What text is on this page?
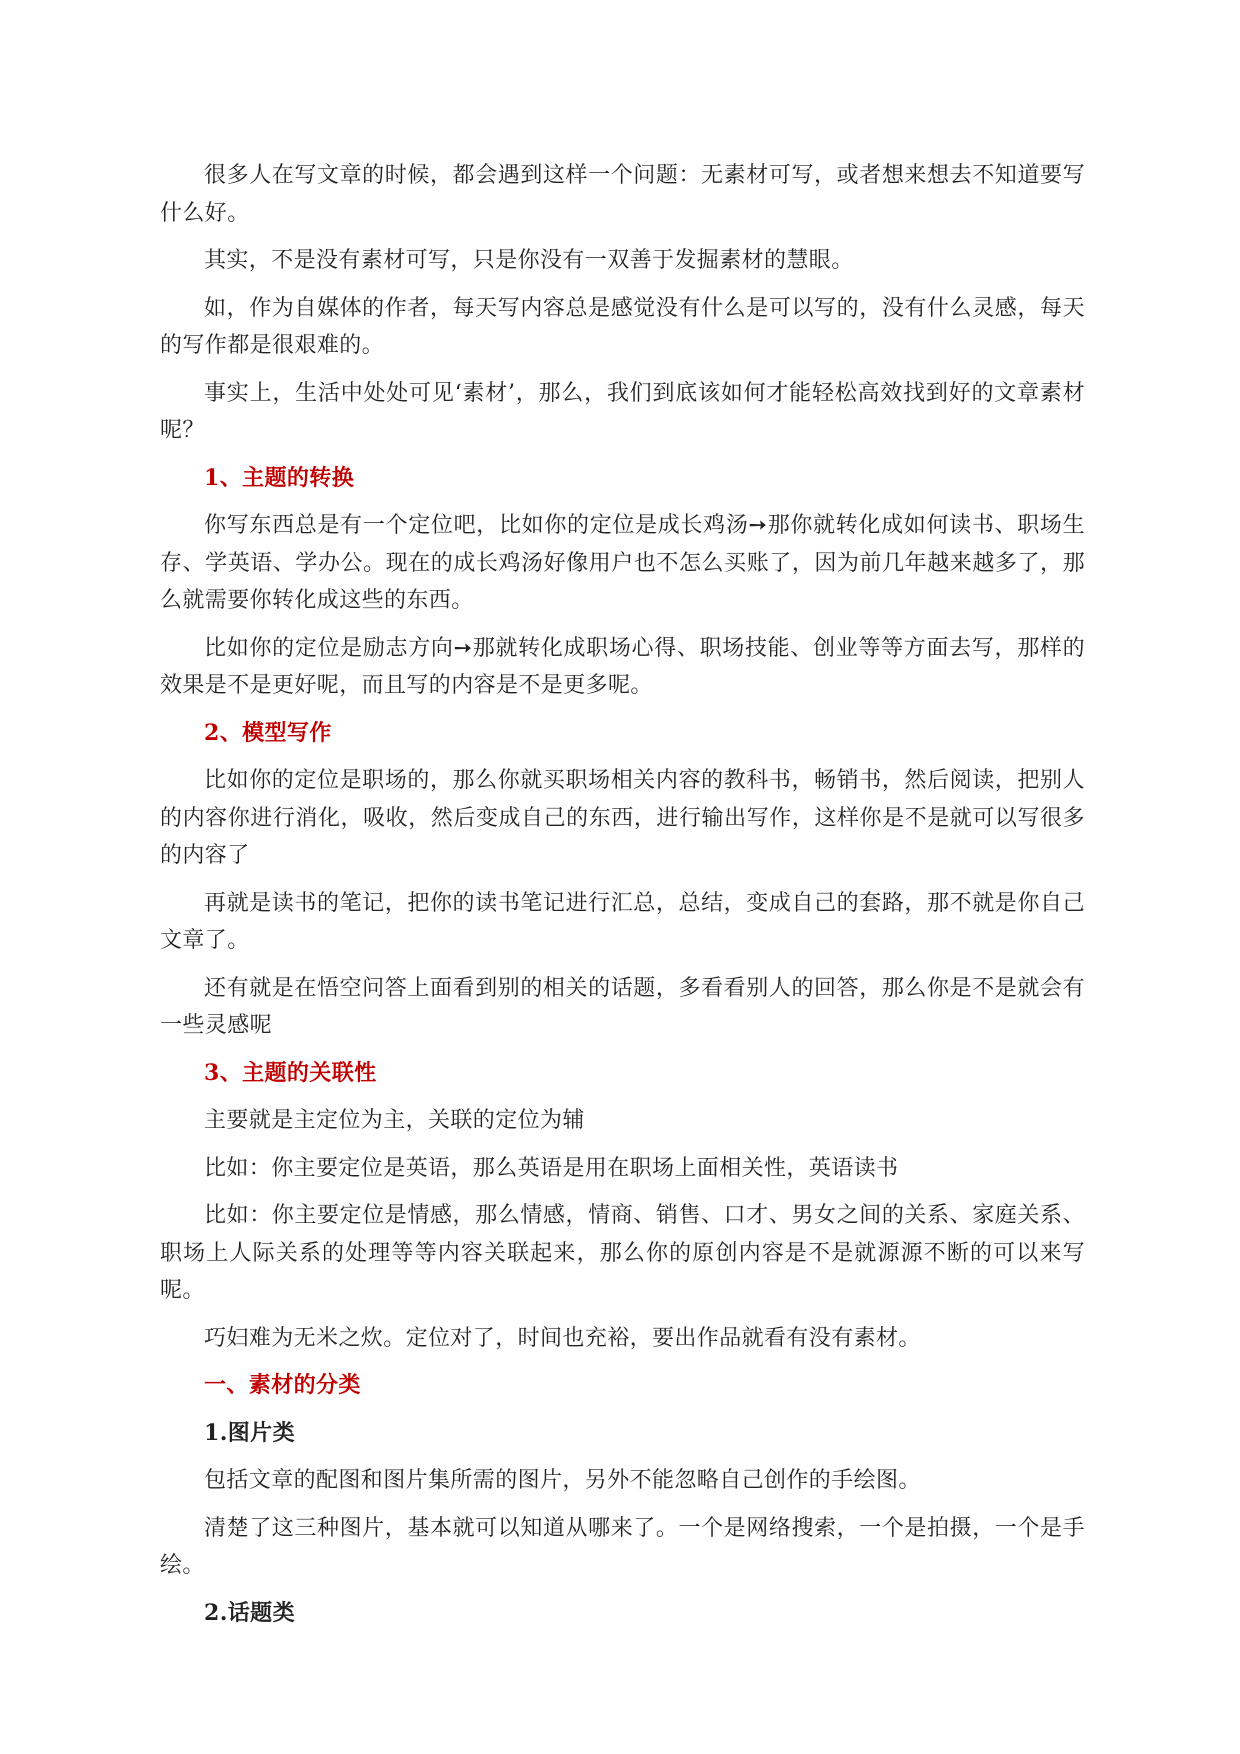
很多人在写文章的时候，都会遇到这样一个问题：无素材可写，或者想来想去不知道要写什么好。

其实，不是没有素材可写，只是你没有一双善于发掘素材的慧眼。

如，作为自媒体的作者，每天写内容总是感觉没有什么是可以写的，没有什么灵感，每天的写作都是很艰难的。

事实上，生活中处处可见‘素材’，那么，我们到底该如何才能轻松高效找到好的文章素材呢？

1、主题的转换

你写东西总是有一个定位吧，比如你的定位是成长鸡汤➙那你就转化成如何读书、职场生存、学英语、学办公。现在的成长鸡汤好像用户也不怎么买账了，因为前几年越来越多了，那么就需要你转化成这些的东西。

比如你的定位是励志方向➙那就转化成职场心得、职场技能、创业等等方面去写，那样的效果是不是更好呢，而且写的内容是不是更多呢。

2、模型写作

比如你的定位是职场的，那么你就买职场相关内容的教科书，畅销书，然后阅读，把别人的内容你进行消化，吸收，然后变成自己的东西，进行输出写作，这样你是不是就可以写很多的内容了

再就是读书的笔记，把你的读书笔记进行汇总，总结，变成自己的套路，那不就是你自己文章了。

还有就是在悟空问答上面看到别的相关的话题，多看看别人的回答，那么你是不是就会有一些灵感呢

3、主题的关联性

主要就是主定位为主，关联的定位为辅

比如：你主要定位是英语，那么英语是用在职场上面相关性，英语读书

比如：你主要定位是情感，那么情感，情商、销售、口才、男女之间的关系、家庭关系、职场上人际关系的处理等等内容关联起来，那么你的原创内容是不是就源源不断的可以来写呢。

巧妇难为无米之炊。定位对了，时间也充裕，要出作品就看有没有素材。

一、素材的分类

1.图片类

包括文章的配图和图片集所需的图片，另外不能忽略自己创作的手绘图。

清楚了这三种图片，基本就可以知道从哪来了。一个是网络搜索，一个是拍摄，一个是手绘。

2.话题类
